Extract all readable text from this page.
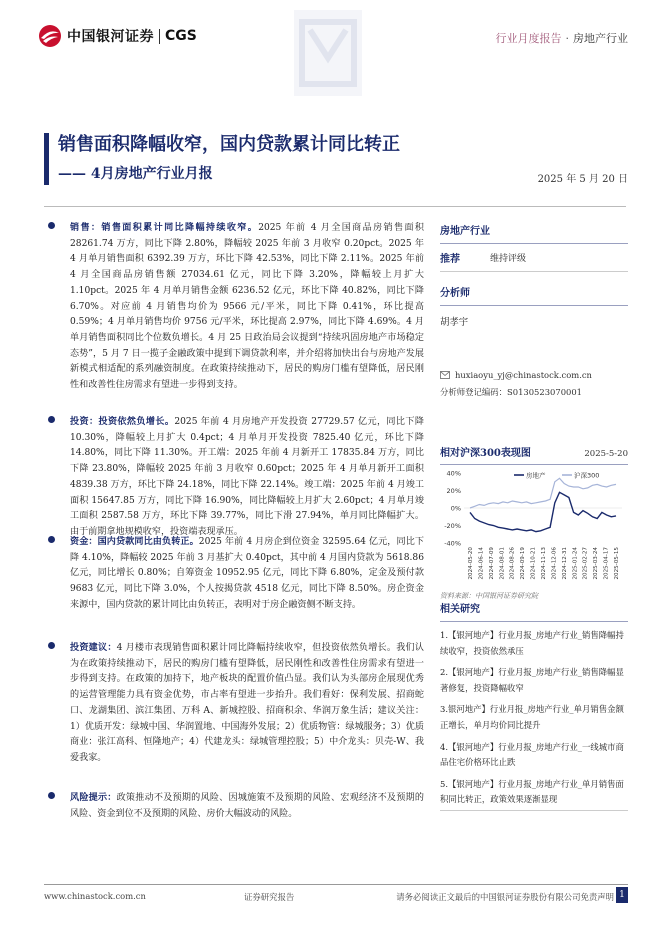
中国银河证券 CGS	行业月度报告 · 房地产行业
销售面积降幅收窄，国内贷款累计同比转正
—— 4月房地产行业月报	2025 年 5 月 20 日

销售：销售面积累计同比降幅持续收窄。2025 年前 4 月全国商品房销售面积 28261.74 万方，同比下降 2.80%，降幅较 2025 年前 3 月收窄 0.20pct。2025 年 4 月单月销售面积 6392.39 万方，环比下降 42.53%，同比下降 2.11%。2025 年前 4 月全国商品房销售额 27034.61 亿元，同比下降 3.20%，降幅较上月扩大 1.10pct。2025 年 4 月单月销售金额 6236.52 亿元，环比下降 40.82%，同比下降 6.70%。对应前 4 月销售均价为 9566 元/平米，同比下降 0.41%，环比提高 0.59%；4 月单月销售均价 9756 元/平米，环比提高 2.97%，同比下降 4.69%。4 月单月销售面积同比个位数负增长。4 月 25 日政治局会议提到“持续巩固房地产市场稳定态势”，5 月 7 日一揽子金融政策中提到下调贷款利率，并介绍将加快出台与房地产发展新模式相适配的系列融资制度。在政策持续推动下，居民的购房门槛有望降低，居民刚性和改善性住房需求有望进一步得到支持。

投资：投资依然负增长。2025 年前 4 月房地产开发投资 27729.57 亿元，同比下降 10.30%，降幅较上月扩大 0.4pct；4 月单月开发投资 7825.40 亿元，环比下降 14.80%，同比下降 11.30%。开工端：2025 年前 4 月新开工 17835.84 万方，同比下降 23.80%，降幅较 2025 年前 3 月收窄 0.60pct；2025 年 4 月单月新开工面积 4839.38 万方，环比下降 24.18%，同比下降 22.14%。竣工端：2025 年前 4 月竣工面积 15647.85 万方，同比下降 16.90%，同比降幅较上月扩大 2.60pct；4 月单月竣工面积 2587.58 万方，环比下降 39.77%，同比下滑 27.94%，单月同比降幅扩大。由于前期拿地规模收窄，投资端表现承压。

资金：国内贷款同比由负转正。2025 年前 4 月房企到位资金 32595.64 亿元，同比下降 4.10%，降幅较 2025 年前 3 月基扩大 0.40pct，其中前 4 月国内贷款为 5618.86 亿元，同比增长 0.80%；自筹资金 10952.95 亿元，同比下降 6.80%，定金及预付款 9683 亿元，同比下降 3.0%，个人按揭贷款 4518 亿元，同比下降 8.50%。房企资金来源中，国内贷款的累计同比由负转正，表明对于房企融资侧不断支持。

投资建议：4 月楼市表现销售面积累计同比降幅持续收窄，但投资依然负增长。我们认为在政策持续推动下，居民的购房门槛有望降低，居民刚性和改善性住房需求有望进一步得到支持。在政策的加持下，地产板块的配置价值凸显。我们认为头部房企展现优秀的运营管理能力具有资金优势，市占率有望进一步抬升。我们看好：保利发展、招商蛇口、龙湖集团、滨江集团、万科 A、新城控股、招商积余、华润万象生活；建议关注：1）优质开发：绿城中国、华润置地、中国海外发展；2）优质物管：绿城服务；3）优质商业：张江高科、恒隆地产；4）代建龙头：绿城管理控股；5）中介龙头：贝壳-W、我爱我家。

风险提示：政策推动不及预期的风险、因城施策不及预期的风险、宏观经济不及预期的风险、资金到位不及预期的风险、房价大幅波动的风险。

房地产行业
推荐	维持评级
分析师
胡孝宇
huxiaoyu_yj@chinastock.com.cn
分析师登记编码：S0130523070001
相对沪深300表现图	2025-5-20
40%
20%
0%
-20%
-40%
房地产	沪深300
2024-05-20 2024-06-14 2024-07-09 2024-08-01 2024-08-26 2024-09-19 2024-10-21 2024-11-13 2024-12-06 2024-12-31 2025-01-24 2025-02-27 2025-03-24 2025-04-17 2025-05-15
资料来源：中国银河证券研究院
相关研究
1.【银河地产】行业月报_房地产行业_销售降幅持续收窄，投资依然承压
2.【银河地产】行业月报_房地产行业_销售降幅显著修复，投资降幅收窄
3.银河地产】行业月报_房地产行业_单月销售金额正增长，单月均价同比提升
4.【银河地产】行业月报_房地产行业_一线城市商品住宅价格环比止跌
5.【银河地产】行业月报_房地产行业_单月销售面积同比转正，政策效果逐渐显现
www.chinastock.com.cn	证券研究报告	请务必阅读正文最后的中国银河证券股份有限公司免责声明 1
